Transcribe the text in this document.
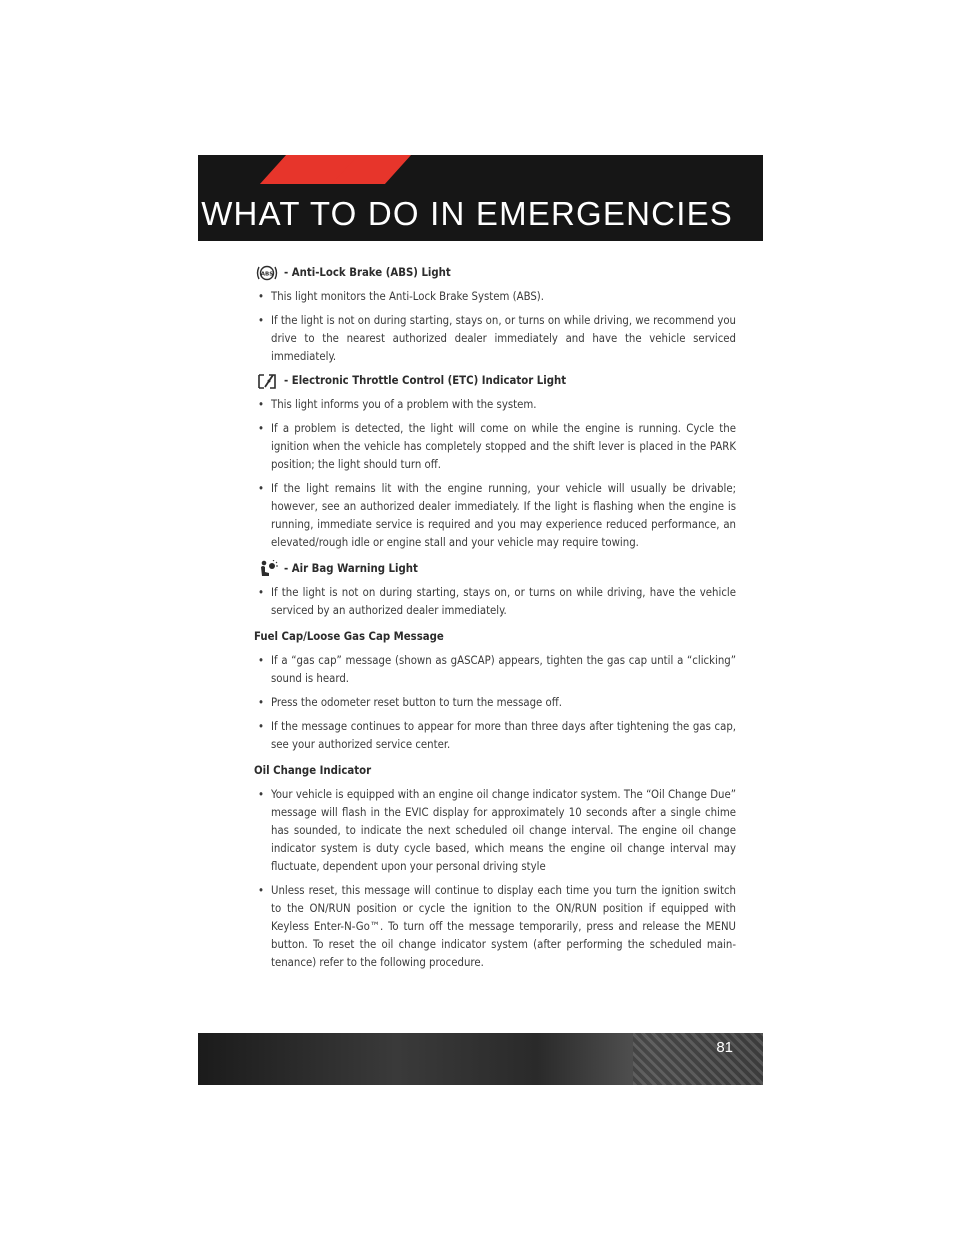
WHAT TO DO IN EMERGENCIES
ABS - Anti-Lock Brake (ABS) Light
• This light monitors the Anti-Lock Brake System (ABS).
• If the light is not on during starting, stays on, or turns on while driving, we recommend you drive to the nearest authorized dealer immediately and have the vehicle serviced immediately.
- Electronic Throttle Control (ETC) Indicator Light
• This light informs you of a problem with the system.
• If a problem is detected, the light will come on while the engine is running. Cycle the ignition when the vehicle has completely stopped and the shift lever is placed in the PARK position; the light should turn off.
• If the light remains lit with the engine running, your vehicle will usually be drivable; however, see an authorized dealer immediately. If the light is flashing when the engine is running, immediate service is required and you may experience reduced performance, an elevated/rough idle or engine stall and your vehicle may require towing.
- Air Bag Warning Light
• If the light is not on during starting, stays on, or turns on while driving, have the vehicle serviced by an authorized dealer immediately.
Fuel Cap/Loose Gas Cap Message
• If a “gas cap” message (shown as gASCAP) appears, tighten the gas cap until a “clicking” sound is heard.
• Press the odometer reset button to turn the message off.
• If the message continues to appear for more than three days after tightening the gas cap, see your authorized service center.
Oil Change Indicator
• Your vehicle is equipped with an engine oil change indicator system. The “Oil Change Due” message will flash in the EVIC display for approximately 10 seconds after a single chime has sounded, to indicate the next scheduled oil change interval. The engine oil change indicator system is duty cycle based, which means the engine oil change interval may fluctuate, dependent upon your personal driving style
• Unless reset, this message will continue to display each time you turn the ignition switch to the ON/RUN position or cycle the ignition to the ON/RUN position if equipped with Keyless Enter-N-Go™. To turn off the message temporarily, press and release the MENU button. To reset the oil change indicator system (after performing the scheduled main-tenance) refer to the following procedure.
81
